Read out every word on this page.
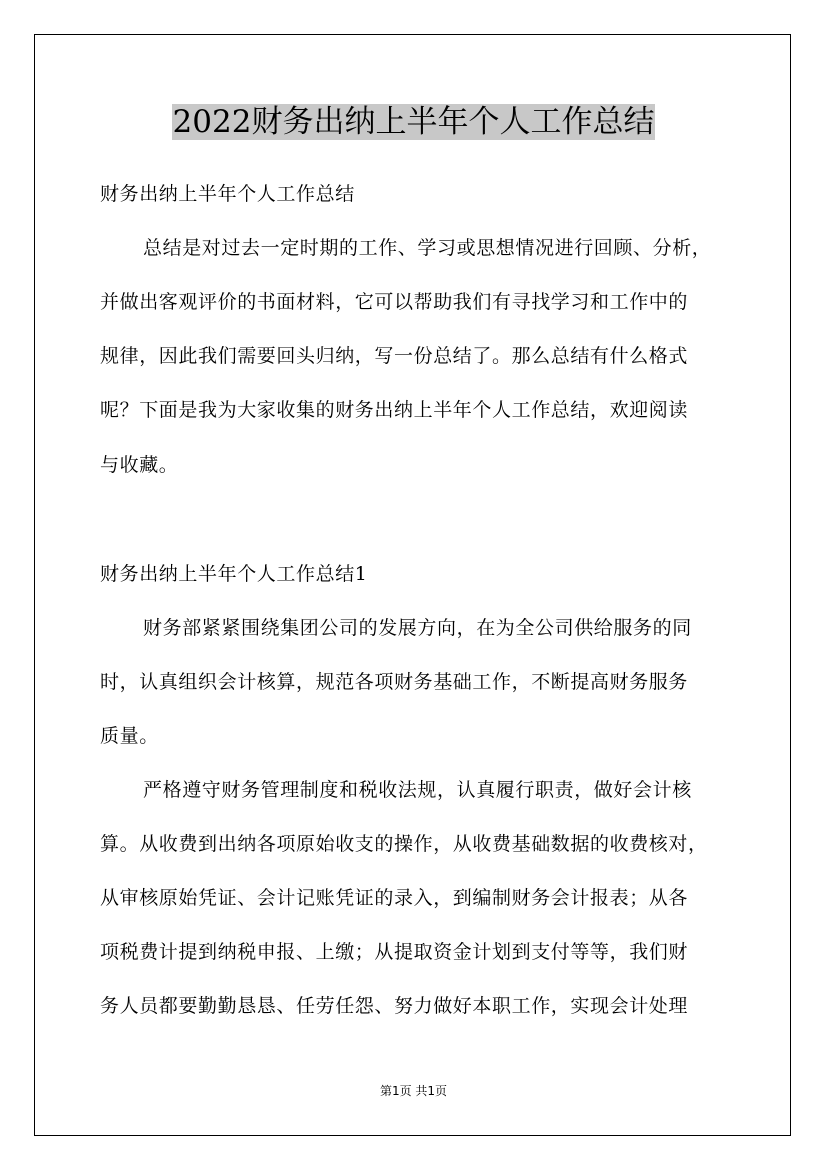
2022财务出纳上半年个人工作总结
财务出纳上半年个人工作总结
总结是对过去一定时期的工作、学习或思想情况进行回顾、分析，
并做出客观评价的书面材料，它可以帮助我们有寻找学习和工作中的
规律，因此我们需要回头归纳，写一份总结了。那么总结有什么格式
呢？下面是我为大家收集的财务出纳上半年个人工作总结，欢迎阅读
与收藏。
财务出纳上半年个人工作总结1
财务部紧紧围绕集团公司的发展方向，在为全公司供给服务的同
时，认真组织会计核算，规范各项财务基础工作，不断提高财务服务
质量。
严格遵守财务管理制度和税收法规，认真履行职责，做好会计核
算。从收费到出纳各项原始收支的操作，从收费基础数据的收费核对，
从审核原始凭证、会计记账凭证的录入，到编制财务会计报表；从各
项税费计提到纳税申报、上缴；从提取资金计划到支付等等，我们财
务人员都要勤勤恳恳、任劳任怨、努力做好本职工作，实现会计处理
第1页 共1页
